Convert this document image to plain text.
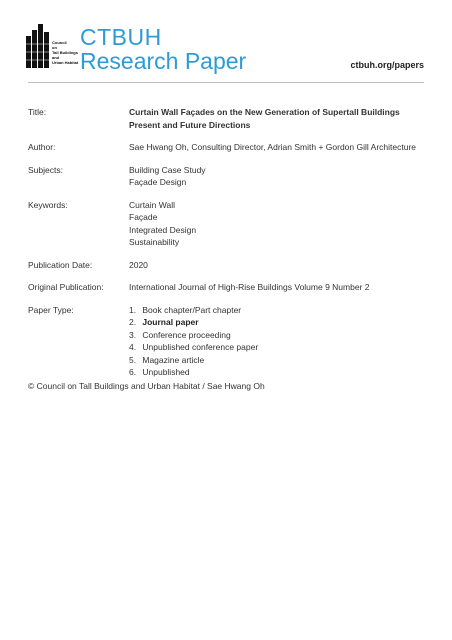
Council
on
Tall Buildings
and
Urban Habitat
CTBUH
Research Paper	ctbuh.org/papers
Title:	Curtain Wall Façades on the New Generation of Supertall Buildings
Present and Future Directions
Author:	Sae Hwang Oh, Consulting Director, Adrian Smith + Gordon Gill Architecture
Subjects:	Building Case Study
Façade Design
Keywords:	Curtain Wall
Façade
Integrated Design
Sustainability
Publication Date:	2020
Original Publication:	International Journal of High-Rise Buildings Volume 9 Number 2
Paper Type:	1. Book chapter/Part chapter
2. Journal paper
3. Conference proceeding
4. Unpublished conference paper
5. Magazine article
6. Unpublished
© Council on Tall Buildings and Urban Habitat / Sae Hwang Oh
